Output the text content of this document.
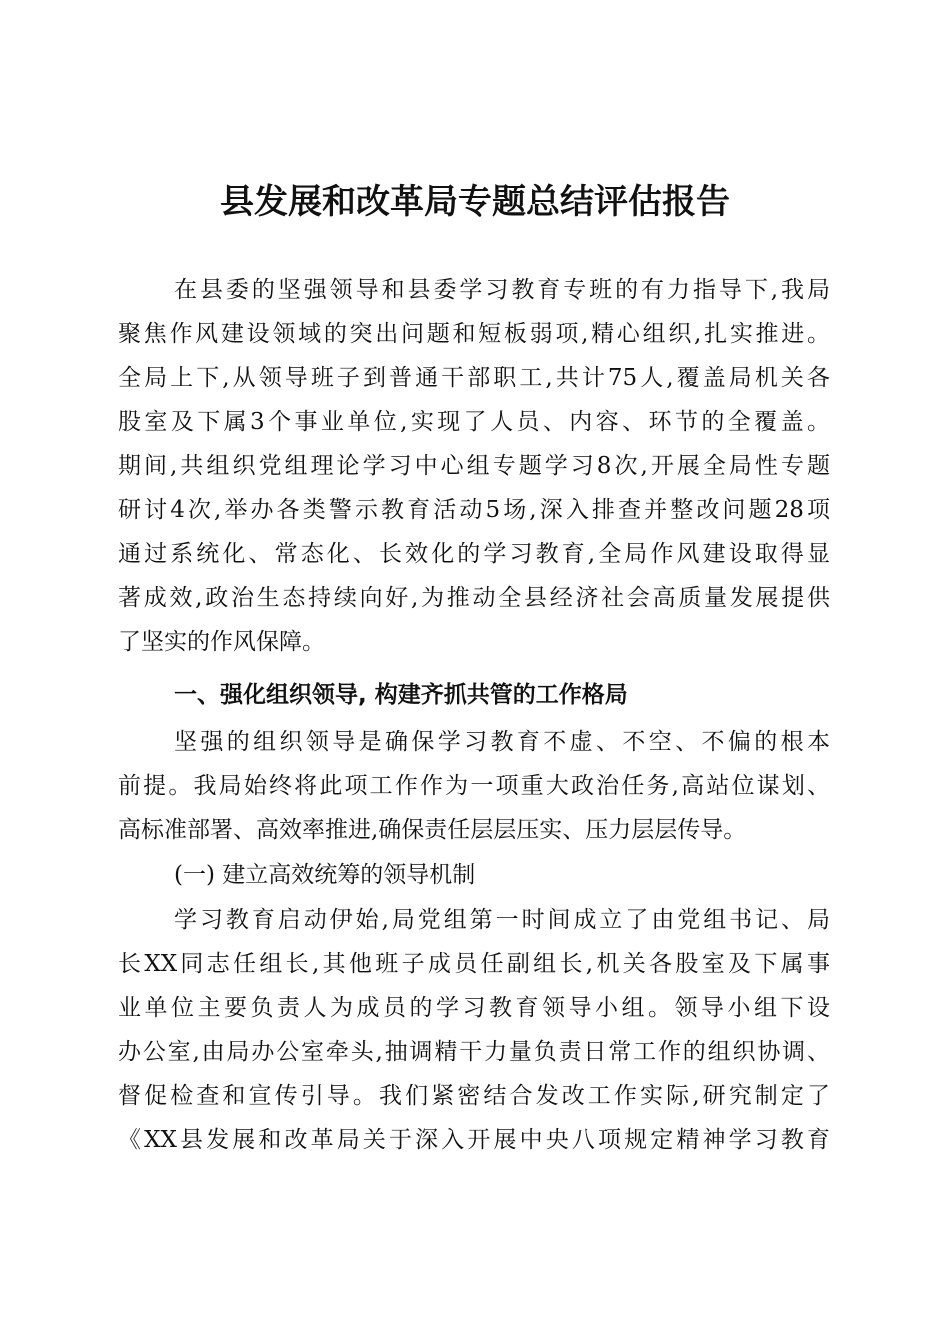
县发展和改革局专题总结评估报告
在县委的坚强领导和县委学习教育专班的有力指导下,我局
聚焦作风建设领域的突出问题和短板弱项,精心组织,扎实推进。
全局上下,从领导班子到普通干部职工,共计75人,覆盖局机关各
股室及下属3个事业单位,实现了人员、内容、环节的全覆盖。
期间,共组织党组理论学习中心组专题学习8次,开展全局性专题
研讨4次,举办各类警示教育活动5场,深入排查并整改问题28项
通过系统化、常态化、长效化的学习教育,全局作风建设取得显
著成效,政治生态持续向好,为推动全县经济社会高质量发展提供
了坚实的作风保障。
一、强化组织领导, 构建齐抓共管的工作格局
坚强的组织领导是确保学习教育不虚、不空、不偏的根本
前提。我局始终将此项工作作为一项重大政治任务,高站位谋划、
高标准部署、高效率推进,确保责任层层压实、压力层层传导。
(一) 建立高效统筹的领导机制
学习教育启动伊始,局党组第一时间成立了由党组书记、局
长XX同志任组长,其他班子成员任副组长,机关各股室及下属事
业单位主要负责人为成员的学习教育领导小组。领导小组下设
办公室,由局办公室牵头,抽调精干力量负责日常工作的组织协调、
督促检查和宣传引导。我们紧密结合发改工作实际,研究制定了
《XX县发展和改革局关于深入开展中央八项规定精神学习教育
